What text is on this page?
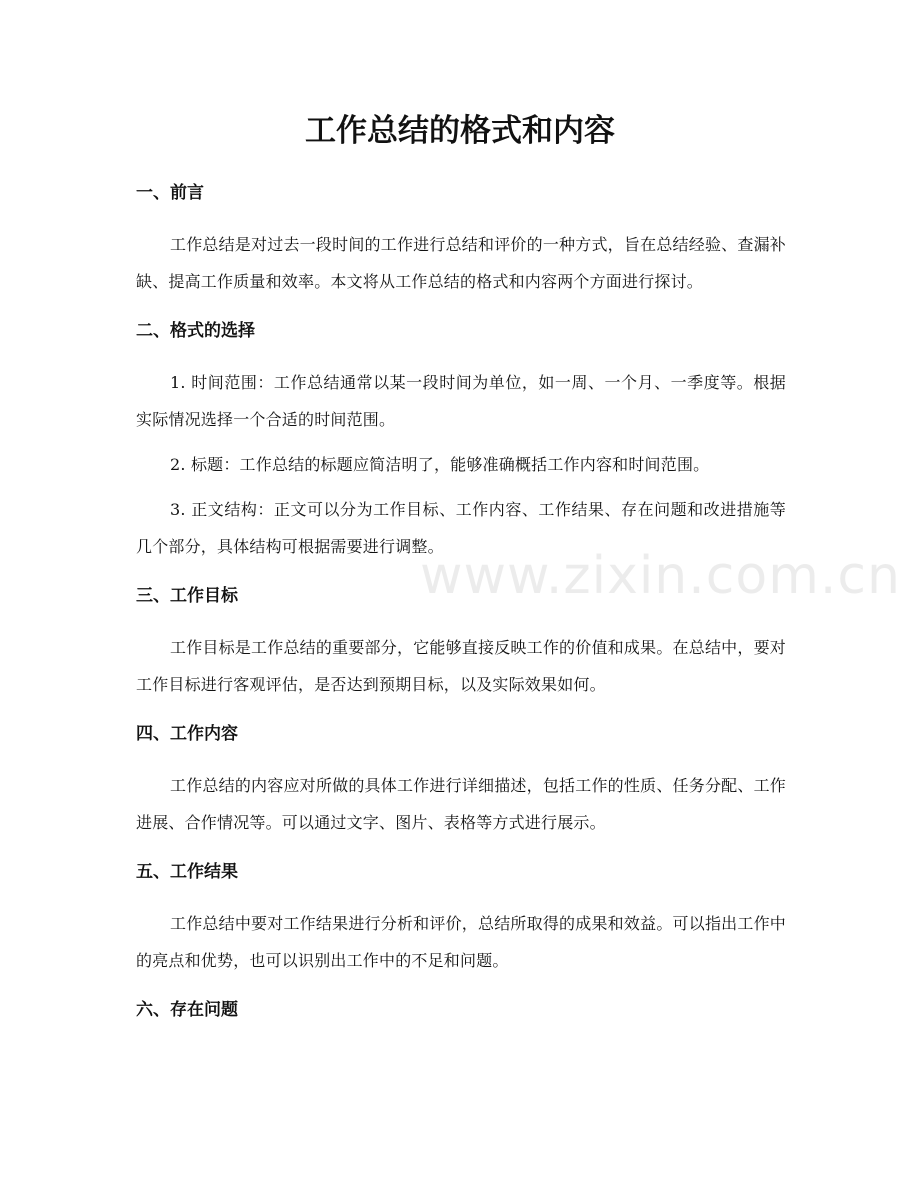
工作总结的格式和内容
一、前言

工作总结是对过去一段时间的工作进行总结和评价的一种方式，旨在总结经验、查漏补缺、提高工作质量和效率。本文将从工作总结的格式和内容两个方面进行探讨。

二、格式的选择

1. 时间范围：工作总结通常以某一段时间为单位，如一周、一个月、一季度等。根据实际情况选择一个合适的时间范围。

2. 标题：工作总结的标题应简洁明了，能够准确概括工作内容和时间范围。

3. 正文结构：正文可以分为工作目标、工作内容、工作结果、存在问题和改进措施等几个部分，具体结构可根据需要进行调整。

三、工作目标

工作目标是工作总结的重要部分，它能够直接反映工作的价值和成果。在总结中，要对工作目标进行客观评估，是否达到预期目标，以及实际效果如何。

四、工作内容

工作总结的内容应对所做的具体工作进行详细描述，包括工作的性质、任务分配、工作进展、合作情况等。可以通过文字、图片、表格等方式进行展示。

五、工作结果

工作总结中要对工作结果进行分析和评价，总结所取得的成果和效益。可以指出工作中的亮点和优势，也可以识别出工作中的不足和问题。

六、存在问题
www.zixin.com.cn
